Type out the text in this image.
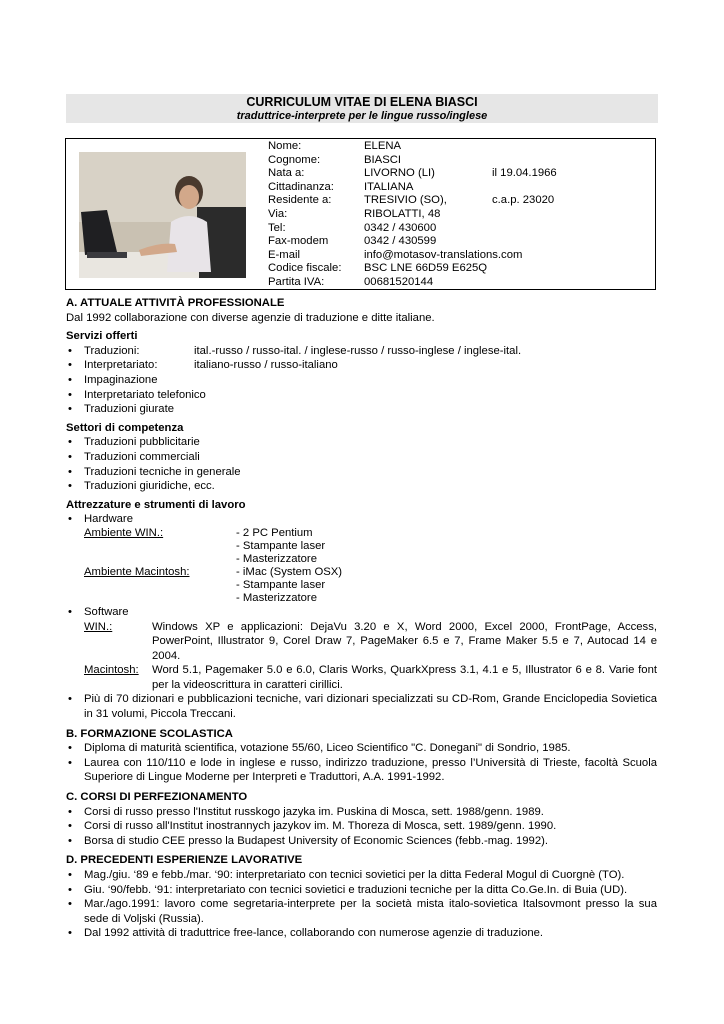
CURRICULUM VITAE DI ELENA BIASCI
traduttrice-interprete per le lingue russo/inglese
Nome:	ELENA
Cognome:	BIASCI
Nata a:	LIVORNO (LI)	il 19.04.1966
Cittadinanza:	ITALIANA
Residente a:	TRESIVIO (SO),	c.a.p. 23020
Via:	RIBOLATTI, 48
Tel:	0342 / 430600
Fax-modem	0342 / 430599
E-mail	info@motasov-translations.com
Codice fiscale: BSC LNE 66D59 E625Q
Partita IVA:	00681520144
A. ATTUALE ATTIVITÀ PROFESSIONALE
Dal 1992 collaborazione con diverse agenzie di traduzione e ditte italiane.
Servizi offerti
• Traduzioni:	ital.-russo / russo-ital. / inglese-russo / russo-inglese / inglese-ital.
• Interpretariato:	italiano-russo / russo-italiano
• Impaginazione
• Interpretariato telefonico
• Traduzioni giurate
Settori di competenza
• Traduzioni pubblicitarie
• Traduzioni commerciali
• Traduzioni tecniche in generale
• Traduzioni giuridiche, ecc.
Attrezzature e strumenti di lavoro
• Hardware
Ambiente WIN.:	- 2 PC Pentium
- Stampante laser
- Masterizzatore
Ambiente Macintosh:	- iMac (System OSX)
- Stampante laser
- Masterizzatore
• Software
WIN.:	Windows XP e applicazioni: DejaVu 3.20 e X, Word 2000, Excel 2000, FrontPage, Access, PowerPoint, Illustrator 9, Corel Draw 7, PageMaker 6.5 e 7, Frame Maker 5.5 e 7, Autocad 14 e 2004.
Macintosh: Word 5.1, Pagemaker 5.0 e 6.0, Claris Works, QuarkXpress 3.1, 4.1 e 5, Illustrator 6 e 8. Varie font per la videoscrittura in caratteri cirillici.
• Più di 70 dizionari e pubblicazioni tecniche, vari dizionari specializzati su CD-Rom, Grande Enciclopedia Sovietica in 31 volumi, Piccola Treccani.
B. FORMAZIONE SCOLASTICA
• Diploma di maturità scientifica, votazione 55/60, Liceo Scientifico "C. Donegani" di Sondrio, 1985.
• Laurea con 110/110 e lode in inglese e russo, indirizzo traduzione, presso l’Università di Trieste, facoltà Scuola Superiore di Lingue Moderne per Interpreti e Traduttori, A.A. 1991-1992.
C. CORSI DI PERFEZIONAMENTO
• Corsi di russo presso l'Institut russkogo jazyka im. Puskina di Mosca, sett. 1988/genn. 1989.
• Corsi di russo all'Institut inostrannych jazykov im. M. Thoreza di Mosca, sett. 1989/genn. 1990.
• Borsa di studio CEE presso la Budapest University of Economic Sciences (febb.-mag. 1992).
D. PRECEDENTI ESPERIENZE LAVORATIVE
• Mag./giu. ‘89 e febb./mar. ‘90: interpretariato con tecnici sovietici per la ditta Federal Mogul di Cuorgnè (TO).
• Giu. ‘90/febb. ‘91: interpretariato con tecnici sovietici e traduzioni tecniche per la ditta Co.Ge.In. di Buia (UD).
• Mar./ago.1991: lavoro come segretaria-interprete per la società mista italo-sovietica Italsovmont presso la sua sede di Voljski (Russia).
• Dal 1992 attività di traduttrice free-lance, collaborando con numerose agenzie di traduzione.
